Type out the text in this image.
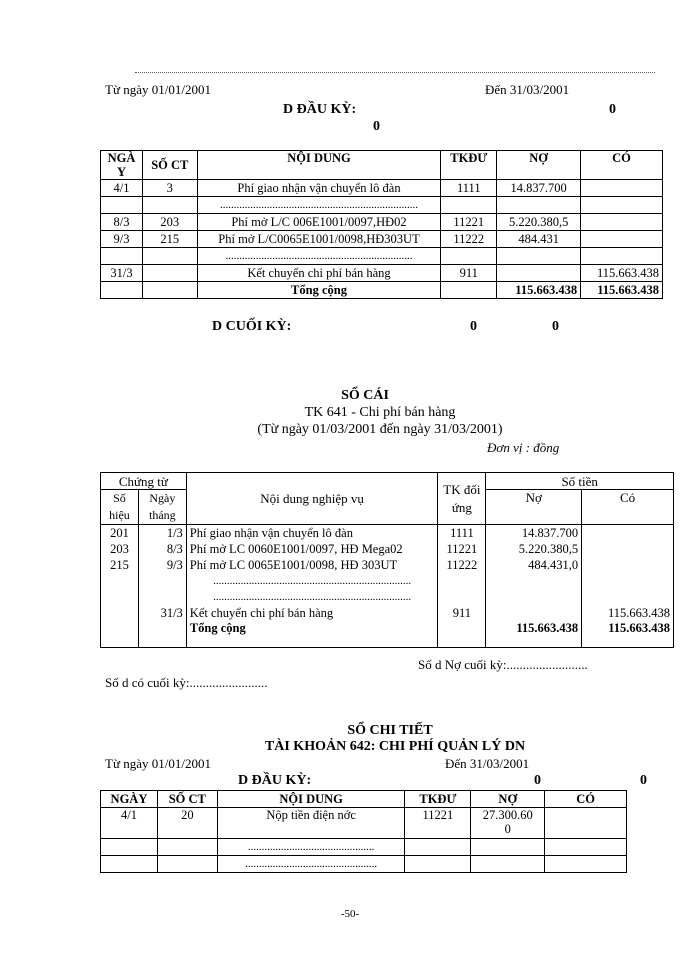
Từ ngày 01/01/2001	Đến 31/03/2001
D ĐẦU KỲ:	0
0
NGÀ Y	SỐ CT	NỘI DUNG	TKĐƯ	NỢ	CÓ
4/1	3	Phí giao nhận vận chuyển lô đàn	1111	14.837.700	
		........................................................................			
8/3	203	Phí mở L/C 006E1001/0097,HĐ02	11221	5.220.380,5	
9/3	215	Phí mở L/C0065E1001/0098,HĐ303UT	11222	484.431	
		....................................................................			
31/3		Kết chuyển chi phí bán hàng	911		115.663.438
		Tổng cộng		115.663.438	115.663.438
D CUỐI KỲ:	0	0
SỔ CÁI
TK 641 - Chi phí bán hàng
(Từ ngày 01/03/2001 đến ngày 31/03/2001)
Đơn vị : đồng
Chứng từ		Nội dung nghiệp vụ	TK đối ứng	Số tiền	
Số hiệu	Ngày tháng			Nợ	Có

201	1/3	Phí giao nhận vận chuyển lô đàn	1111	14.837.700	
203	8/3	Phí mở LC 0060E1001/0097, HĐ Mega02	11221	5.220.380,5	
215	9/3	Phí mở LC 0065E1001/0098, HĐ 303UT	11222	484.431,0	
		........................................................................			
		........................................................................			
	31/3	Kết chuyển chi phí bán hàng	911		115.663.438
		Tổng cộng		115.663.438	115.663.438
Số d Nợ cuối kỳ:.........................
Số d có cuối kỳ:........................
SỔ CHI TIẾT
TÀI KHOẢN 642: CHI PHÍ QUẢN LÝ DN
Từ ngày 01/01/2001	Đến 31/03/2001
D ĐẦU KỲ:	0	0
NGÀY	SỐ CT	NỘI DUNG	TKĐƯ	NỢ	CÓ
4/1	20	Nộp tiền điện nớc	11221	27.300.60
0	

		..............................................			
		................................................			
-50-
